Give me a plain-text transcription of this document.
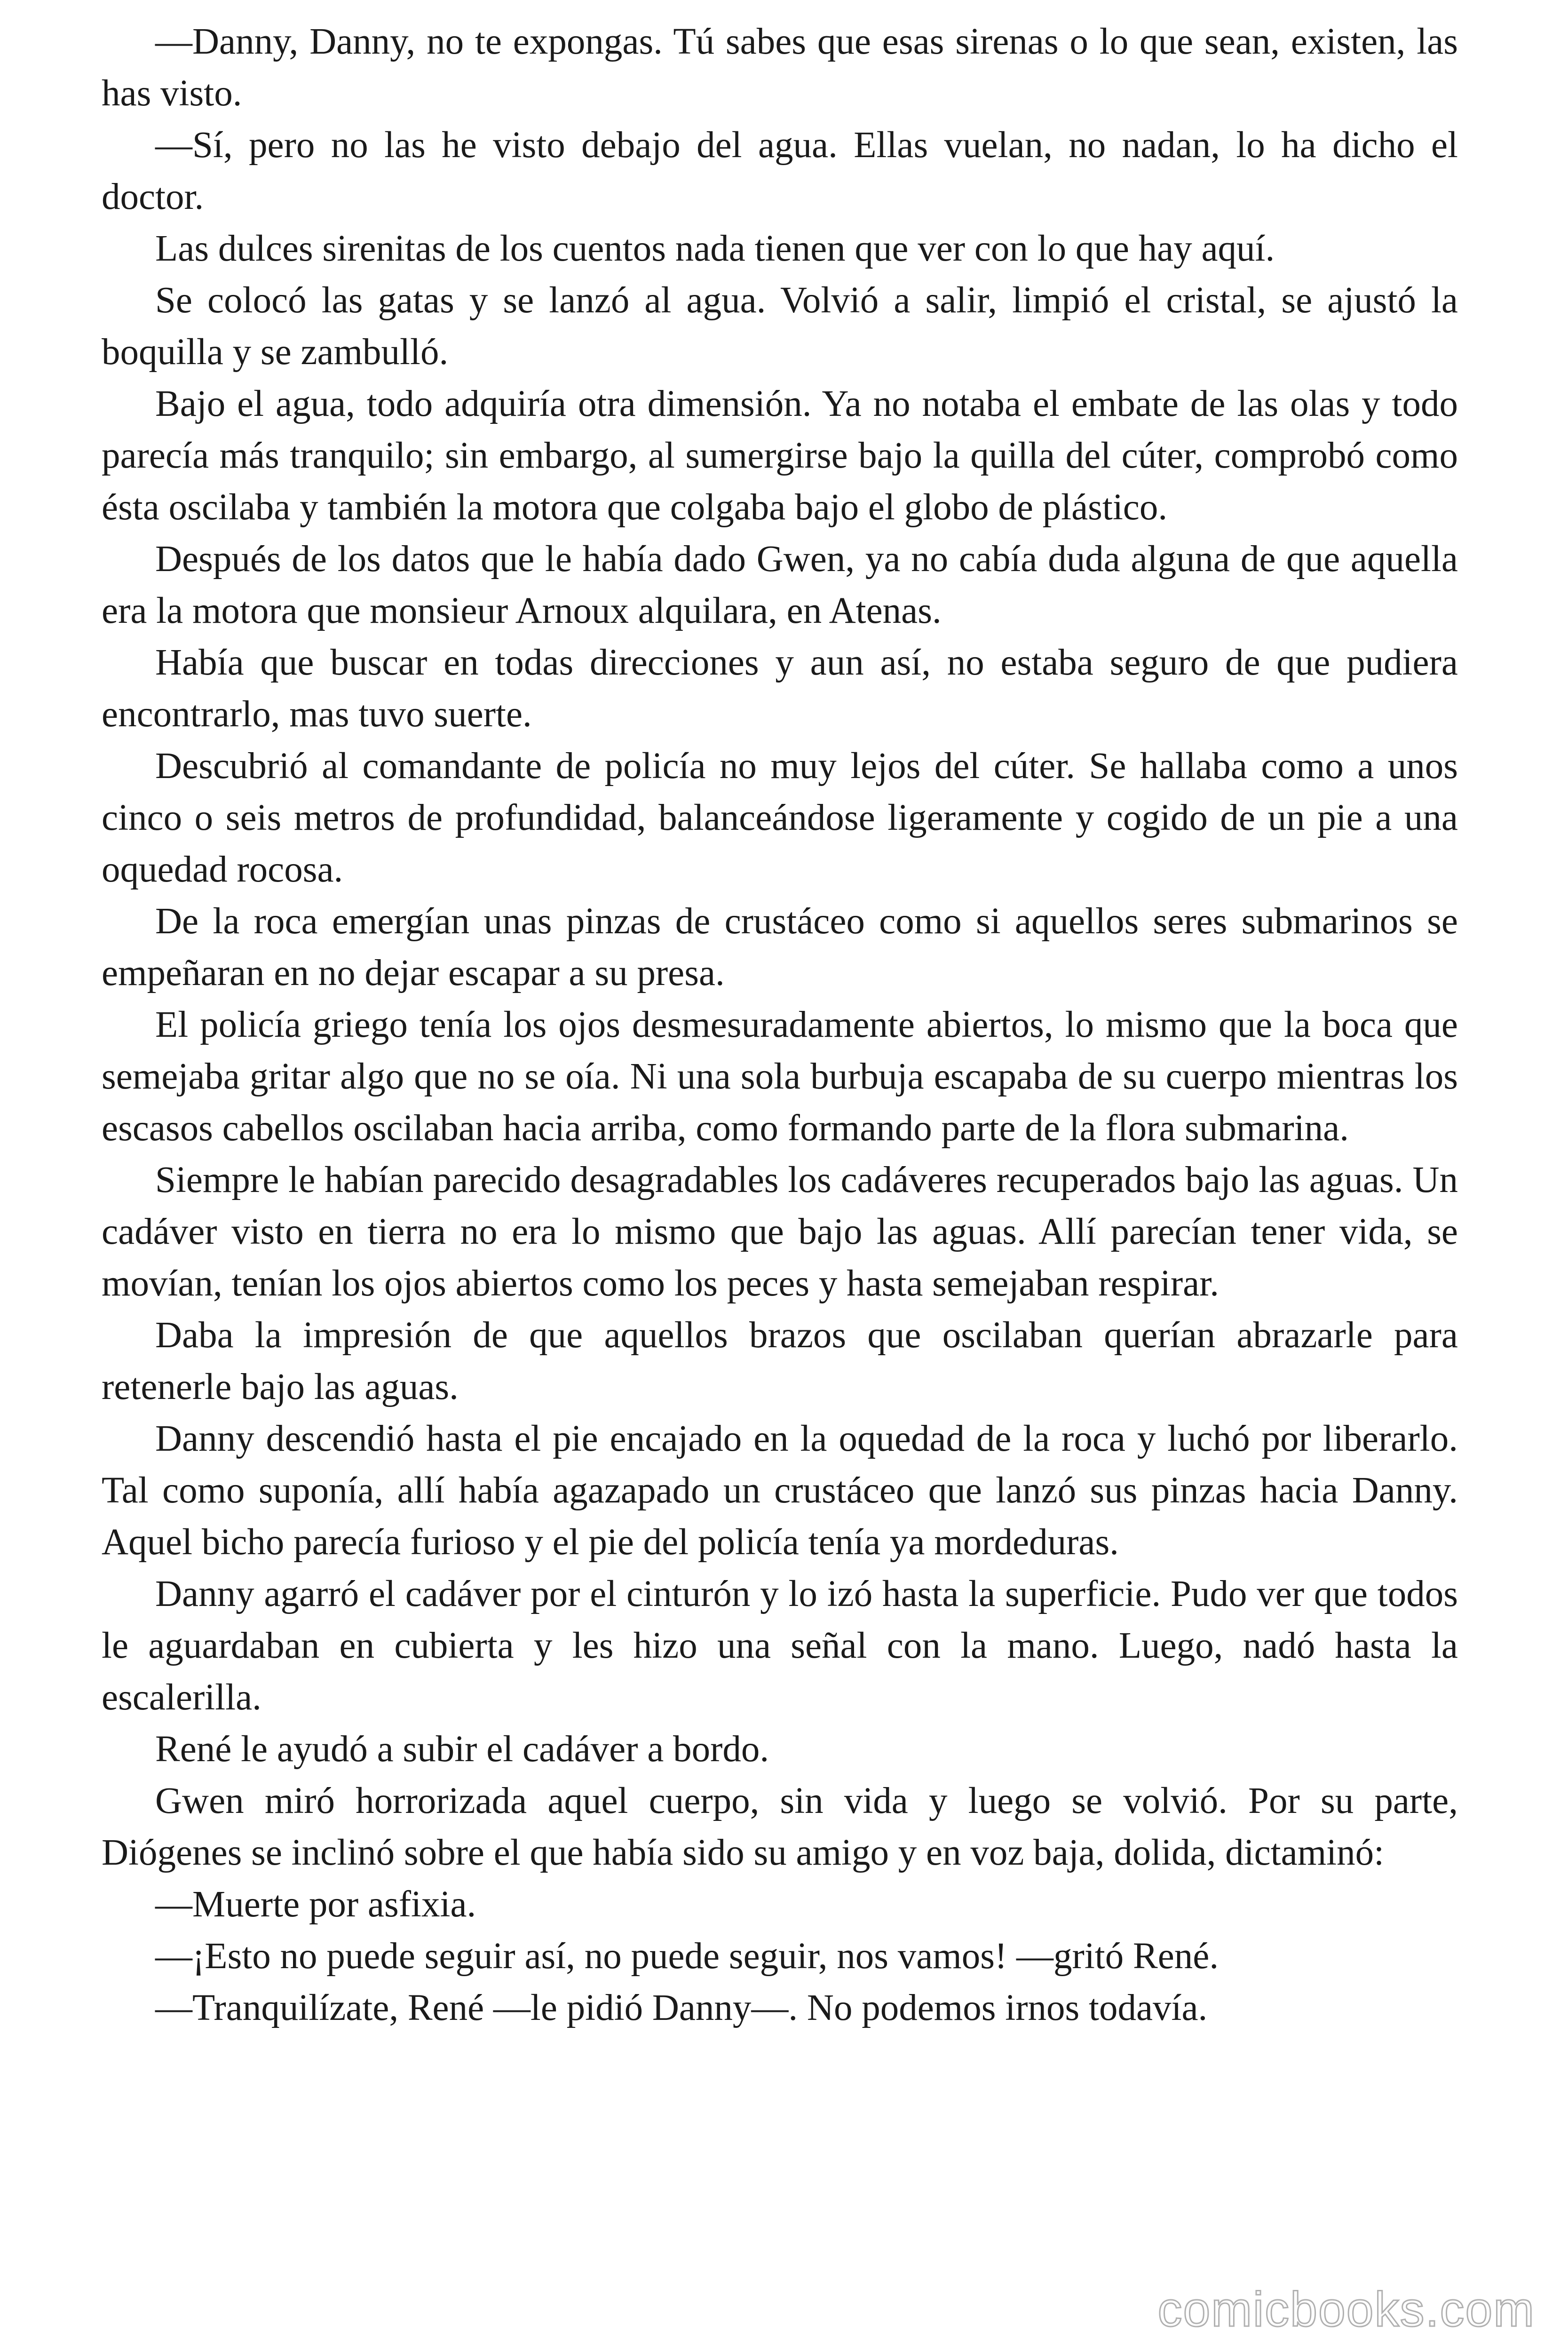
—Danny, Danny, no te expongas. Tú sabes que esas sirenas o lo que sean, existen, las has visto.

—Sí, pero no las he visto debajo del agua. Ellas vuelan, no nadan, lo ha dicho el doctor.

Las dulces sirenitas de los cuentos nada tienen que ver con lo que hay aquí.

Se colocó las gatas y se lanzó al agua. Volvió a salir, limpió el cristal, se ajustó la boquilla y se zambulló.

Bajo el agua, todo adquiría otra dimensión. Ya no notaba el embate de las olas y todo parecía más tranquilo; sin embargo, al sumergirse bajo la quilla del cúter, comprobó como ésta oscilaba y también la motora que colgaba bajo el globo de plástico.

Después de los datos que le había dado Gwen, ya no cabía duda alguna de que aquella era la motora que monsieur Arnoux alquilara, en Atenas.

Había que buscar en todas direcciones y aun así, no estaba seguro de que pudiera encontrarlo, mas tuvo suerte.

Descubrió al comandante de policía no muy lejos del cúter. Se hallaba como a unos cinco o seis metros de profundidad, balanceándose ligeramente y cogido de un pie a una oquedad rocosa.

De la roca emergían unas pinzas de crustáceo como si aquellos seres submarinos se empeñaran en no dejar escapar a su presa.

El policía griego tenía los ojos desmesuradamente abiertos, lo mismo que la boca que semejaba gritar algo que no se oía. Ni una sola burbuja escapaba de su cuerpo mientras los escasos cabellos oscilaban hacia arriba, como formando parte de la flora submarina.

Siempre le habían parecido desagradables los cadáveres recuperados bajo las aguas. Un cadáver visto en tierra no era lo mismo que bajo las aguas. Allí parecían tener vida, se movían, tenían los ojos abiertos como los peces y hasta semejaban respirar.

Daba la impresión de que aquellos brazos que oscilaban querían abrazarle para retenerle bajo las aguas.

Danny descendió hasta el pie encajado en la oquedad de la roca y luchó por liberarlo. Tal como suponía, allí había agazapado un crustáceo que lanzó sus pinzas hacia Danny. Aquel bicho parecía furioso y el pie del policía tenía ya mordeduras.

Danny agarró el cadáver por el cinturón y lo izó hasta la superficie. Pudo ver que todos le aguardaban en cubierta y les hizo una señal con la mano. Luego, nadó hasta la escalerilla.

René le ayudó a subir el cadáver a bordo.

Gwen miró horrorizada aquel cuerpo, sin vida y luego se volvió. Por su parte, Diógenes se inclinó sobre el que había sido su amigo y en voz baja, dolida, dictaminó:

—Muerte por asfixia.

—¡Esto no puede seguir así, no puede seguir, nos vamos! —gritó René.

—Tranquilízate, René —le pidió Danny—. No podemos irnos todavía.

comicbooks.com
